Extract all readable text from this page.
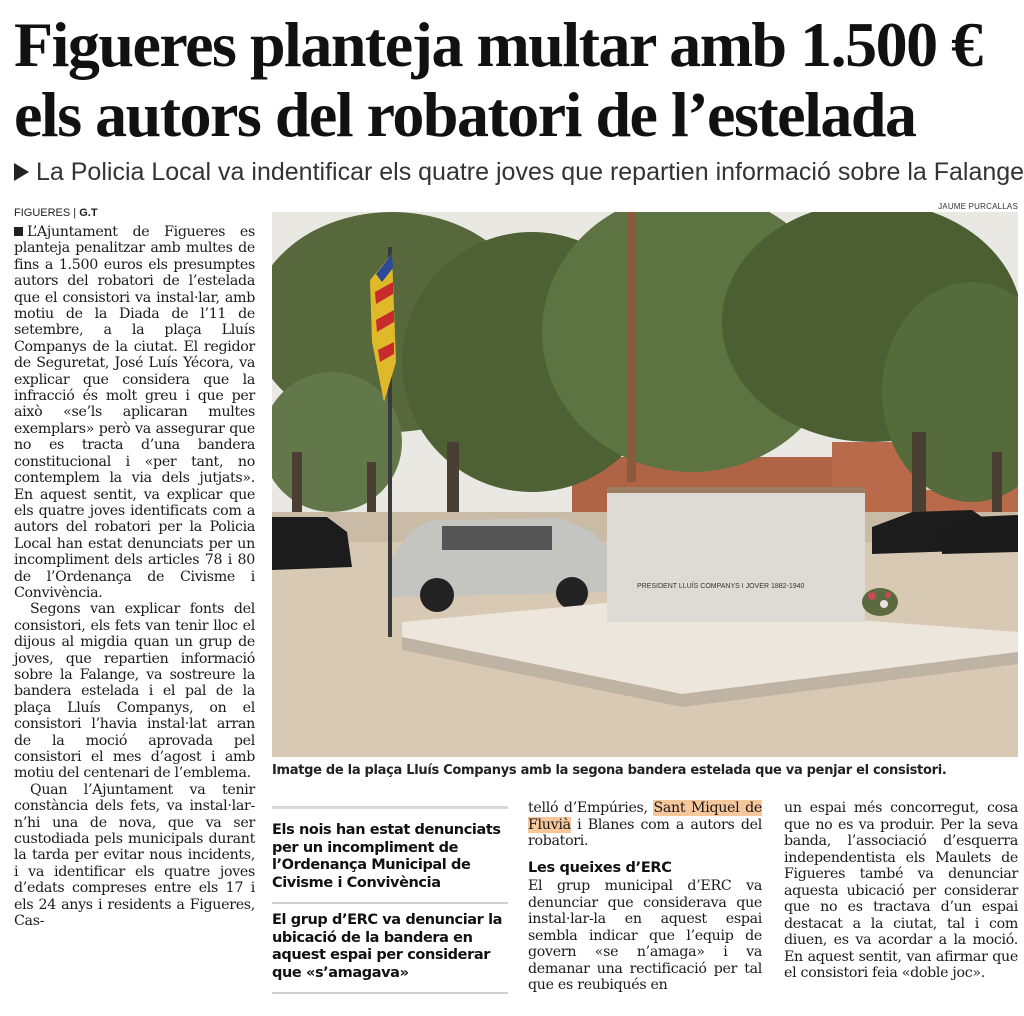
Figueres planteja multar amb 1.500 €
els autors del robatori de l’estelada
La Policia Local va indentificar els quatre joves que repartien informació sobre la Falange
FIGUERES | G.T

L’Ajuntament de Figueres es planteja penalitzar amb multes de fins a 1.500 euros els presumptes autors del robatori de l’estelada que el consistori va instal·lar, amb motiu de la Diada de l’11 de setembre, a la plaça Lluís Companys de la ciutat. El regidor de Seguretat, José Luís Yécora, va explicar que considera que la infracció és molt greu i que per això «se’ls aplicaran multes exemplars» però va assegurar que no es tracta d’una bandera constitucional i «per tant, no contemplem la via dels jutjats». En aquest sentit, va explicar que els quatre joves identificats com a autors del robatori per la Policia Local han estat denunciats per un incompliment dels articles 78 i 80 de l’Ordenança de Civisme i Convivència.

Segons van explicar fonts del consistori, els fets van tenir lloc el dijous al migdia quan un grup de joves, que repartien informació sobre la Falange, va sostreure la bandera estelada i el pal de la plaça Lluís Companys, on el consistori l’havia instal·lat arran de la moció aprovada pel consistori el mes d’agost i amb motiu del centenari de l’emblema.

Quan l’Ajuntament va tenir constància dels fets, va instal·lar-n’hi una de nova, que va ser custodiada pels municipals durant la tarda per evitar nous incidents, i va identificar els quatre joves d’edats compreses entre els 17 i els 24 anys i residents a Figueres, Cas-

JAUME PURCALLAS
PRESIDENT LLUÍS COMPANYS I JOVER 1882-1940
Imatge de la plaça Lluís Companys amb la segona bandera estelada que va penjar el consistori.

Els nois han estat denunciats per un incompliment de l’Ordenança Municipal de Civisme i Convivència

El grup d’ERC va denunciar la ubicació de la bandera en aquest espai per considerar que «s’amagava»

telló d’Empúries, Sant Miquel de Fluvià i Blanes com a autors del robatori.

Les queixes d’ERC

El grup municipal d’ERC va denunciar que considerava que instal·lar-la en aquest espai sembla indicar que l’equip de govern «se n’amaga» i va demanar una rectificació per tal que es reubiqués en

un espai més concorregut, cosa que no es va produir. Per la seva banda, l’associació d’esquerra independentista els Maulets de Figueres també va denunciar aquesta ubicació per considerar que no es tractava d’un espai destacat a la ciutat, tal i com diuen, es va acordar a la moció. En aquest sentit, van afirmar que el consistori feia «doble joc».
